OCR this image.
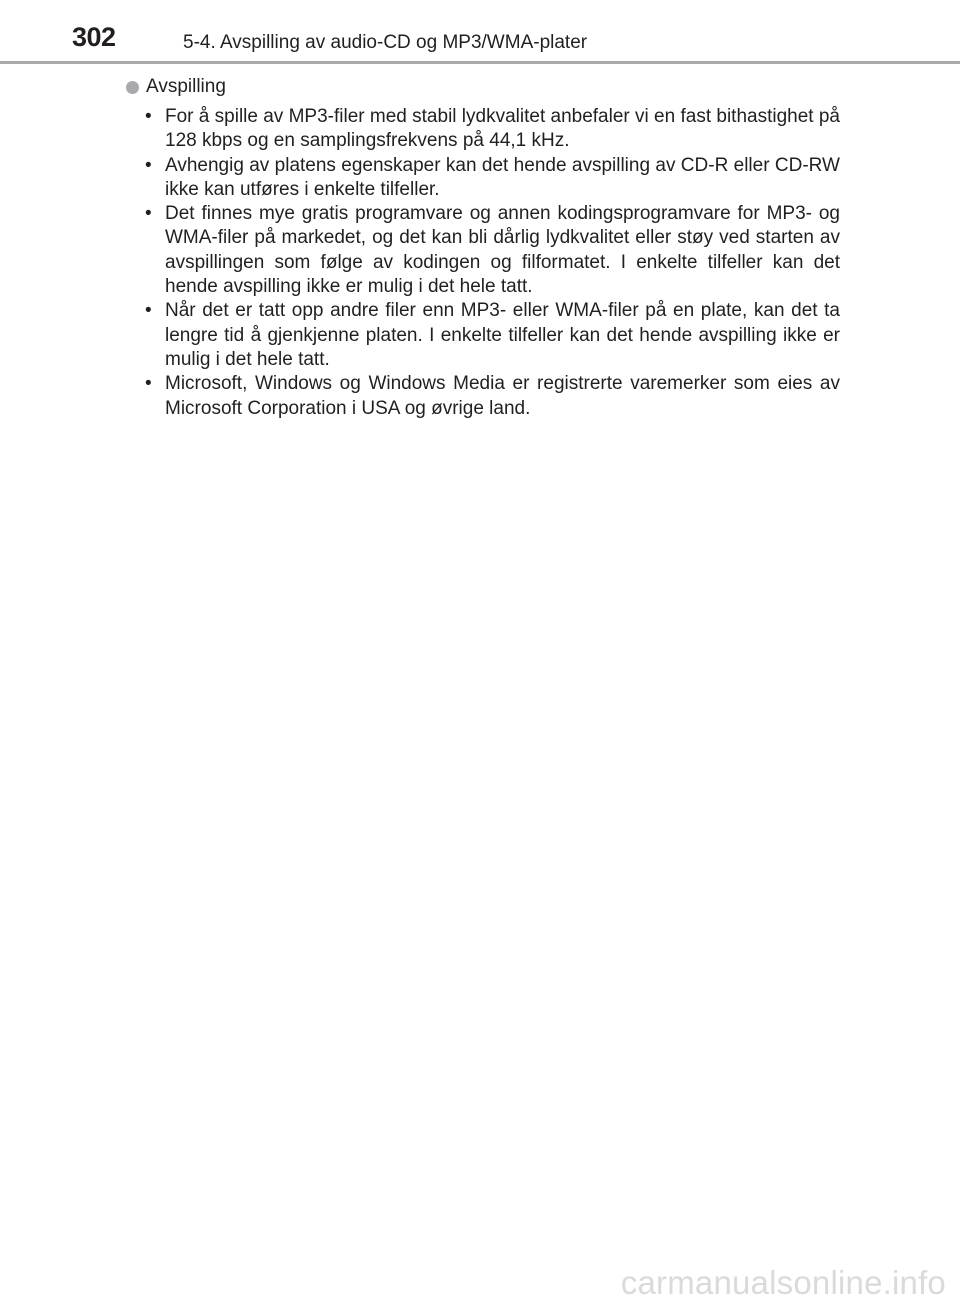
302	5-4. Avspilling av audio-CD og MP3/WMA-plater
Avspilling
• For å spille av MP3-filer med stabil lydkvalitet anbefaler vi en fast bithastighet på 128 kbps og en samplingsfrekvens på 44,1 kHz.
• Avhengig av platens egenskaper kan det hende avspilling av CD-R eller CD-RW ikke kan utføres i enkelte tilfeller.
• Det finnes mye gratis programvare og annen kodingsprogramvare for MP3- og WMA-filer på markedet, og det kan bli dårlig lydkvalitet eller støy ved starten av avspillingen som følge av kodingen og filformatet. I enkelte tilfeller kan det hende avspilling ikke er mulig i det hele tatt.
• Når det er tatt opp andre filer enn MP3- eller WMA-filer på en plate, kan det ta lengre tid å gjenkjenne platen. I enkelte tilfeller kan det hende avspilling ikke er mulig i det hele tatt.
• Microsoft, Windows og Windows Media er registrerte varemerker som eies av Microsoft Corporation i USA og øvrige land.
carmanualsonline.info
